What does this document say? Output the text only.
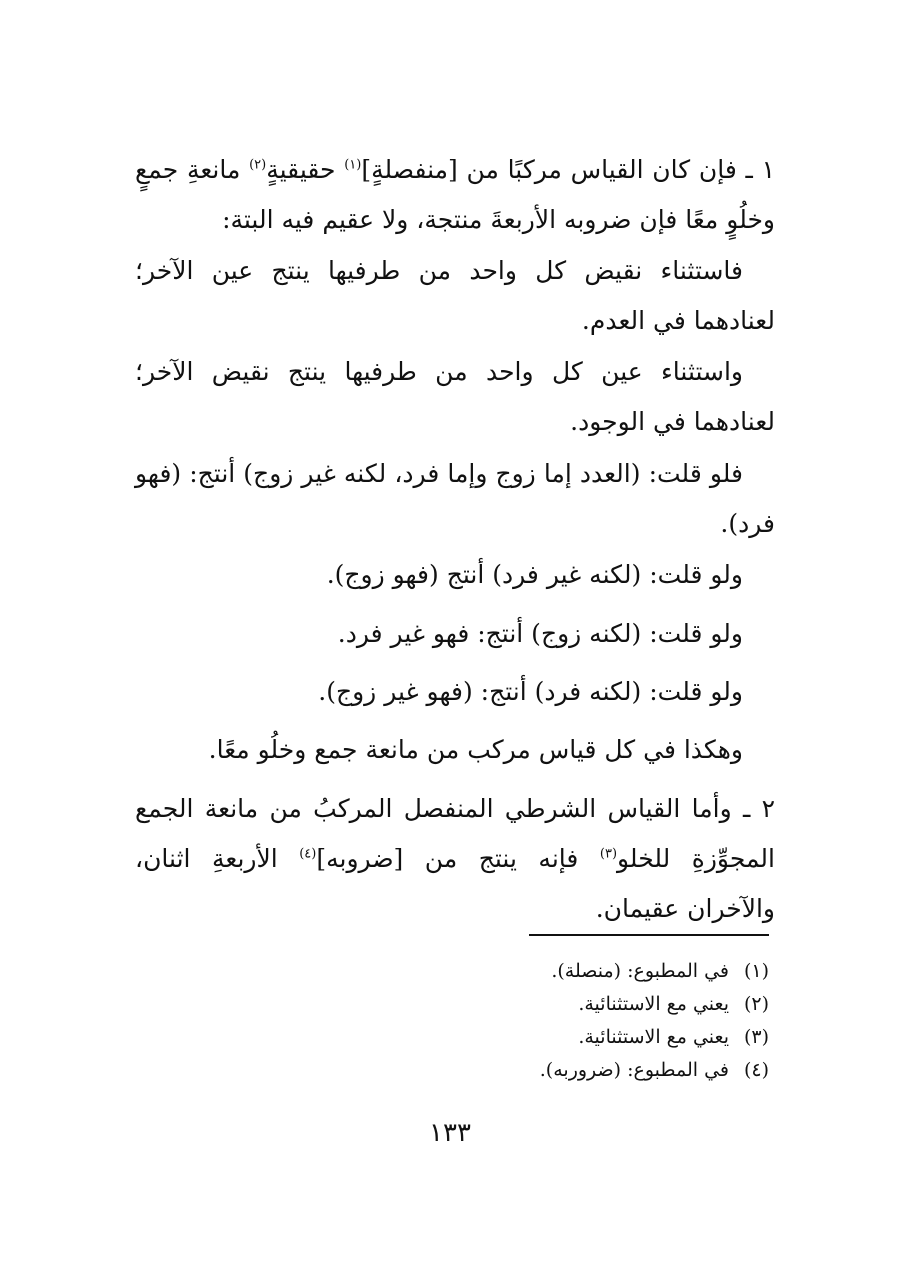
١ ـ فإن كان القياس مركبًا من [منفصلةٍ]$^{(١)}$ حقيقيةٍ$^{(٢)}$ مانعةِ جمعٍ وخلُوٍ معًا فإن ضروبه الأربعةَ منتجة، ولا عقيم فيه البتة:

فاستثناء نقيض كل واحد من طرفيها ينتج عين الآخر؛ لعنادهما في العدم.

واستثناء عين كل واحد من طرفيها ينتج نقيض الآخر؛ لعنادهما في الوجود.

فلو قلت: (العدد إما زوج وإما فرد، لكنه غير زوج) أنتج: (فهو فرد).

ولو قلت: (لكنه غير فرد) أنتج (فهو زوج).

ولو قلت: (لكنه زوج) أنتج: فهو غير فرد.

ولو قلت: (لكنه فرد) أنتج: (فهو غير زوج).

وهكذا في كل قياس مركب من مانعة جمع وخلُو معًا.

٢ ـ وأما القياس الشرطي المنفصل المركبُ من مانعة الجمع المجوِّزةِ للخلو$^{(٣)}$ فإنه ينتج من [ضروبه]$^{(٤)}$ الأربعةِ اثنان، والآخران عقيمان.

(١)في المطبوع: (منصلة).
(٢)يعني مع الاستثنائية.
(٣)يعني مع الاستثنائية.
(٤)في المطبوع: (ضروربه).
١٣٣
